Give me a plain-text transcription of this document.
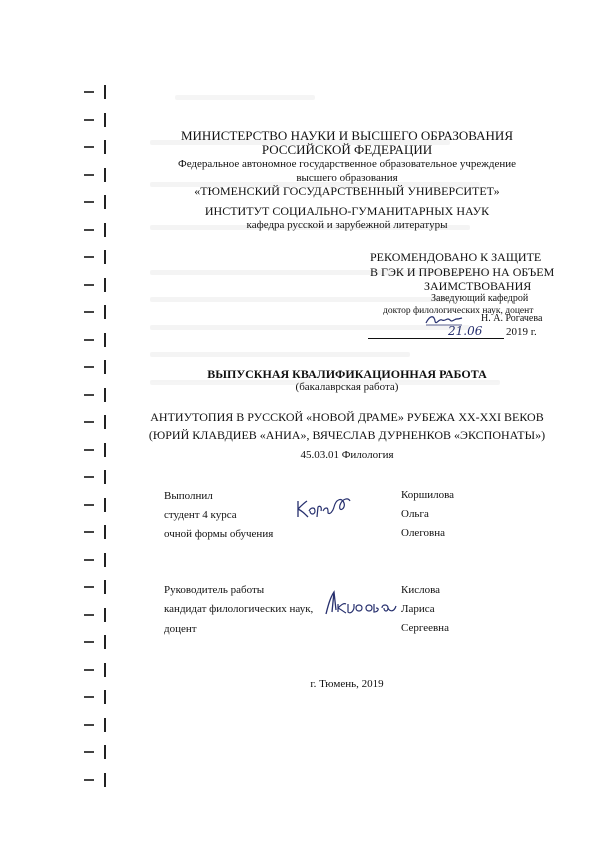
МИНИСТЕРСТВО НАУКИ И ВЫСШЕГО ОБРАЗОВАНИЯ
РОССИЙСКОЙ ФЕДЕРАЦИИ
Федеральное автономное государственное образовательное учреждение
высшего образования
«ТЮМЕНСКИЙ ГОСУДАРСТВЕННЫЙ УНИВЕРСИТЕТ»
ИНСТИТУТ СОЦИАЛЬНО-ГУМАНИТАРНЫХ НАУК
кафедра русской и зарубежной литературы
РЕКОМЕНДОВАНО К ЗАЩИТЕ
В ГЭК И ПРОВЕРЕНО НА ОБЪЕМ
ЗАИМСТВОВАНИЯ
Заведующий кафедрой
доктор филологических наук, доцент
Н. А. Рогачева
21.06 2019 г.
ВЫПУСКНАЯ КВАЛИФИКАЦИОННАЯ РАБОТА
(бакалаврская работа)
АНТИУТОПИЯ В РУССКОЙ «НОВОЙ ДРАМЕ» РУБЕЖА XX-XXI ВЕКОВ
(ЮРИЙ КЛАВДИЕВ «АНИА», ВЯЧЕСЛАВ ДУРНЕНКОВ «ЭКСПОНАТЫ»)
45.03.01 Филология
Выполнил
студент 4 курса
очной формы обучения
Коршилова
Ольга
Олеговна
Руководитель работы
кандидат филологических наук,
доцент
Кислова
Лариса
Сергеевна
г. Тюмень, 2019
